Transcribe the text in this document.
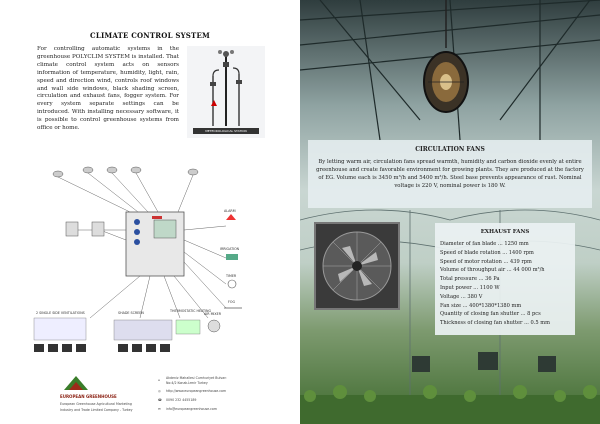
CLIMATE CONTROL SYSTEM
For controlling automatic systems in the greenhouse POLYCLIM SYSTEM is installed. That climate control system acts on sensors information of temperature, humidity, light, rain, speed and direction wind, controls roof windows and wall side windows, black shading screen, circulation and exhaust fans, fogger system. For every system separate settings can be introduced. With installing necessary software, it is possible to control greenhouse systems from office or home.	METEOROLOGICAL STATION
ALARM
IRRIGATION
TIMER
FOG
2 SINGLE SIDE VENTILATIONS	SHADE SCREEN	THERMOSTATIC HEATING
AIR MIXER
EUROPEAN GREENHOUSE
European Greenhouse Agricultural Marketing
Industry and Trade Limited Company - Turkey
⌂ Akdeniz Mahallesi Cumhuriyet Bulvarı
No:4/2 Konak-İzmir Turkey
◎ http://www.europeangreenhouse.com
☎ 0090 232 4455189
✉ info@europeangreenhouse.com
CIRCULATION FANS
By letting warm air, circulation fans spread warmth, humidity and carbon dioxide evenly at entire greenhouse and create favorable environment for growing plants. They are produced at the factory of EG. Volume each is 3450 m³/h and 5400 m³/h. Steel base prevents appearance of rust. Nominal voltage is 220 V, nominal power is 180 W.
EXHAUST FANS
Diameter of fan blade ... 1250 mm
Speed of blade rotation ... 1400 rpm
Speed of motor rotation ... 439 rpm
Volume of throughput air ... 44 000 m³/h
Total pressure ... 36 Pa
Input power ... 1100 W
Voltage ... 380 V
Fan size ... 400*1380*1380 mm
Quantity of closing fan shutter ... 8 pcs
Thickness of closing fan shutter ... 0.5 mm
